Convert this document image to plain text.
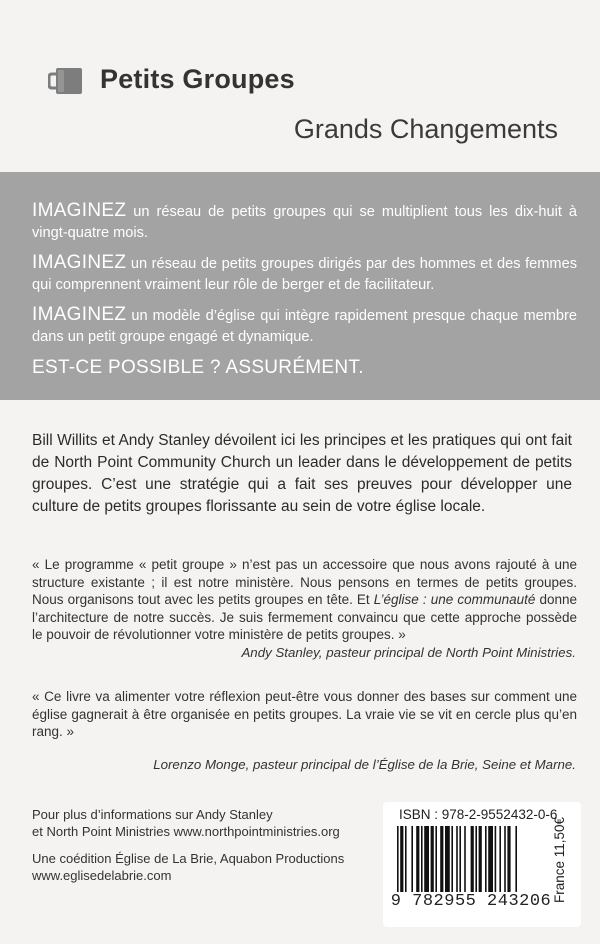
Petits Groupes
Grands Changements
IMAGINEZ un réseau de petits groupes qui se multiplient tous les dix-huit à vingt-quatre mois.
IMAGINEZ un réseau de petits groupes dirigés par des hommes et des femmes qui comprennent vraiment leur rôle de berger et de facilitateur.
IMAGINEZ un modèle d’église qui intègre rapidement presque chaque membre dans un petit groupe engagé et dynamique.
EST-CE POSSIBLE ? ASSURÉMENT.
Bill Willits et Andy Stanley dévoilent ici les principes et les pratiques qui ont fait de North Point Community Church un leader dans le développement de petits groupes. C’est une stratégie qui a fait ses preuves pour développer une culture de petits groupes florissante au sein de votre église locale.
« Le programme « petit groupe » n’est pas un accessoire que nous avons rajouté à une structure existante ; il est notre ministère. Nous pensons en termes de petits groupes. Nous organisons tout avec les petits groupes en tête. Et L’église : une communauté donne l’architecture de notre succès. Je suis fermement convaincu que cette approche possède le pouvoir de révolutionner votre ministère de petits groupes. »
Andy Stanley, pasteur principal de North Point Ministries.
« Ce livre va alimenter votre réflexion peut-être vous donner des bases sur comment une église gagnerait à être organisée en petits groupes. La vraie vie se vit en cercle plus qu’en rang. »
Lorenzo Monge, pasteur principal de l’Église de la Brie, Seine et Marne.
Pour plus d’informations sur Andy Stanley
et North Point Ministries www.northpointministries.org
Une coédition Église de La Brie, Aquabon Productions
www.eglisedelabrie.com
ISBN : 978-2-9552432-0-6
9 782955 243206 France 11,50€
